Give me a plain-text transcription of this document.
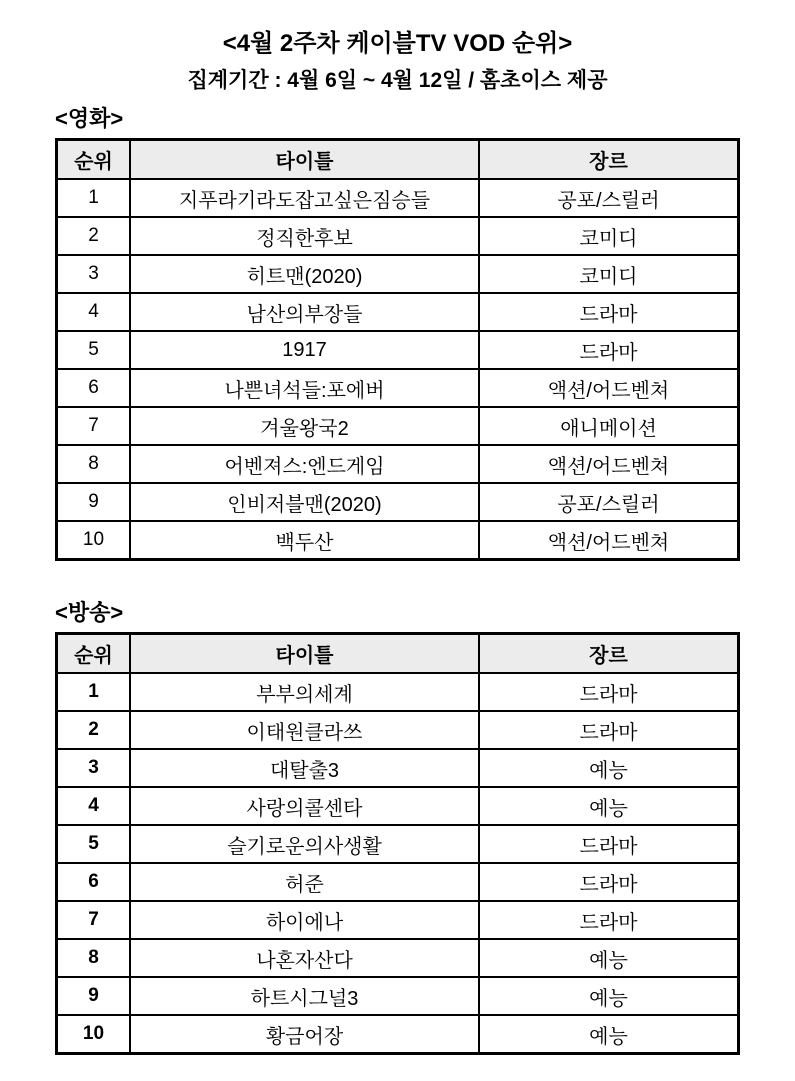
<4월 2주차 케이블TV VOD 순위>
집계기간 : 4월 6일 ~ 4월 12일 / 홈초이스 제공
<영화>
순위	타이틀	장르
1	지푸라기라도잡고싶은짐승들	공포/스릴러
2	정직한후보	코미디
3	히트맨(2020)	코미디
4	남산의부장들	드라마
5	1917	드라마
6	나쁜녀석들:포에버	액션/어드벤쳐
7	겨울왕국2	애니메이션
8	어벤져스:엔드게임	액션/어드벤쳐
9	인비저블맨(2020)	공포/스릴러
10	백두산	액션/어드벤쳐
<방송>
순위	타이틀	장르
1	부부의세계	드라마
2	이태원클라쓰	드라마
3	대탈출3	예능
4	사랑의콜센타	예능
5	슬기로운의사생활	드라마
6	허준	드라마
7	하이에나	드라마
8	나혼자산다	예능
9	하트시그널3	예능
10	황금어장	예능
